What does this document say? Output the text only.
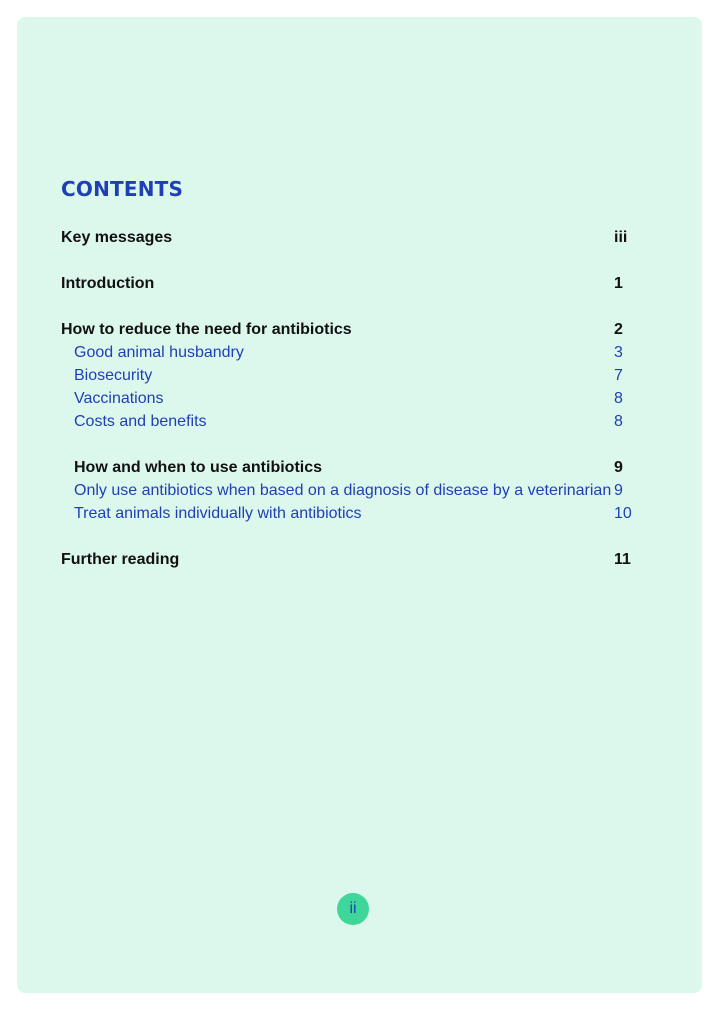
CONTENTS
Key messages	iii
Introduction	1
How to reduce the need for antibiotics	2
Good animal husbandry	3
Biosecurity	7
Vaccinations	8
Costs and benefits	8
How and when to use antibiotics	9
Only use antibiotics when based on a diagnosis of disease by a veterinarian 9
Treat animals individually with antibiotics	10
Further reading	11
ii
